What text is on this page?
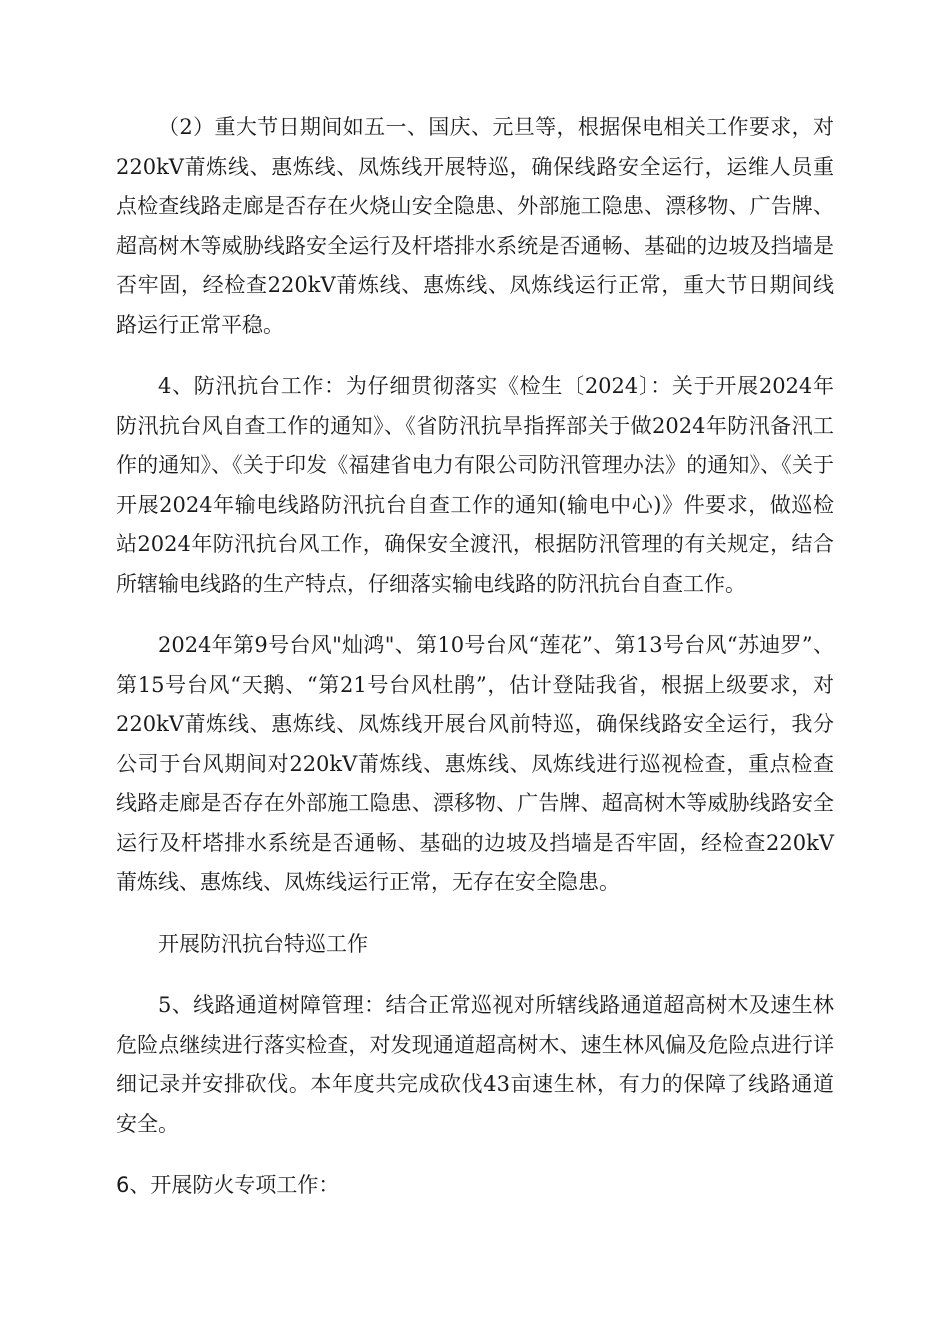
（2）重大节日期间如五一、国庆、元旦等，根据保电相关工作要求，对220kV莆炼线、惠炼线、凤炼线开展特巡，确保线路安全运行，运维人员重点检查线路走廊是否存在火烧山安全隐患、外部施工隐患、漂移物、广告牌、超高树木等威胁线路安全运行及杆塔排水系统是否通畅、基础的边坡及挡墙是否牢固，经检查220kV莆炼线、惠炼线、凤炼线运行正常，重大节日期间线路运行正常平稳。

4、防汛抗台工作：为仔细贯彻落实《检生〔2024〕：关于开展2024年防汛抗台风自查工作的通知》、《省防汛抗旱指挥部关于做2024年防汛备汛工作的通知》、《关于印发《福建省电力有限公司防汛管理办法》的通知》、《关于开展2024年输电线路防汛抗台自查工作的通知(输电中心)》件要求，做巡检站2024年防汛抗台风工作，确保安全渡汛，根据防汛管理的有关规定，结合所辖输电线路的生产特点，仔细落实输电线路的防汛抗台自查工作。

2024年第9号台风"灿鸿"、第10号台风“莲花”、第13号台风“苏迪罗”、第15号台风“天鹅、“第21号台风杜鹃”，估计登陆我省，根据上级要求，对220kV莆炼线、惠炼线、凤炼线开展台风前特巡，确保线路安全运行，我分公司于台风期间对220kV莆炼线、惠炼线、凤炼线进行巡视检查，重点检查线路走廊是否存在外部施工隐患、漂移物、广告牌、超高树木等威胁线路安全运行及杆塔排水系统是否通畅、基础的边坡及挡墙是否牢固，经检查220kV莆炼线、惠炼线、凤炼线运行正常，无存在安全隐患。

开展防汛抗台特巡工作

5、线路通道树障管理：结合正常巡视对所辖线路通道超高树木及速生林危险点继续进行落实检查，对发现通道超高树木、速生林风偏及危险点进行详细记录并安排砍伐。本年度共完成砍伐43亩速生林，有力的保障了线路通道安全。

6、开展防火专项工作：
